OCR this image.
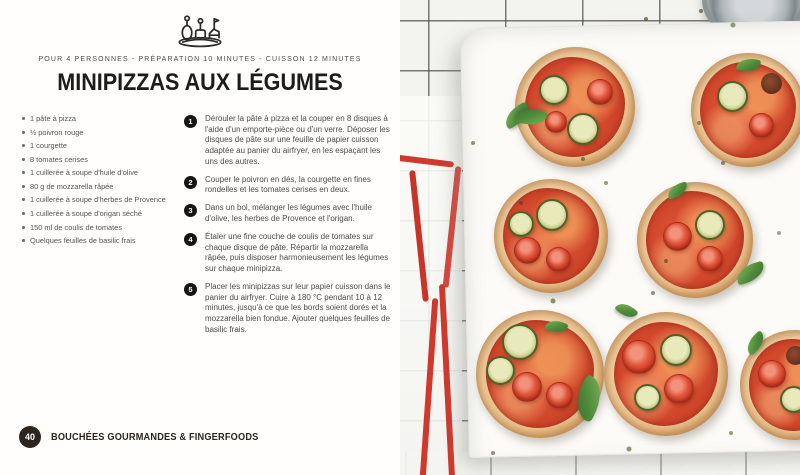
POUR 4 PERSONNES - PRÉPARATION 10 MINUTES - CUISSON 12 MINUTES
MINIPIZZAS AUX LÉGUMES
1 pâte à pizza
½ poivron rouge
1 courgette
8 tomates cerises
1 cuillerée à soupe d'huile d'olive
80 g de mozzarella râpée
1 cuillerée à soupe d'herbes de Provence
1 cuillerée à soupe d'origan séché
150 ml de coulis de tomates
Quelques feuilles de basilic frais
1	Dérouler la pâte à pizza et la couper en 8 disques à l'aide d'un emporte-pièce ou d'un verre. Déposer les disques de pâte sur une feuille de papier cuisson adaptée au panier du airfryer, en les espaçant les uns des autres.

2	Couper le poivron en dés, la courgette en fines rondelles et les tomates cerises en deux.

3	Dans un bol, mélanger les légumes avec l'huile d'olive, les herbes de Provence et l'origan.

4	Étaler une fine couche de coulis de tomates sur chaque disque de pâte. Répartir la mozzarella râpée, puis disposer harmonieusement les légumes sur chaque minipizza.

5	Placer les minipizzas sur leur papier cuisson dans le panier du airfryer. Cuire à 180 °C pendant 10 à 12 minutes, jusqu'à ce que les bords soient dorés et la mozzarella bien fondue. Ajouter quelques feuilles de basilic frais.

40	BOUCHÉES GOURMANDES & FINGERFOODS
